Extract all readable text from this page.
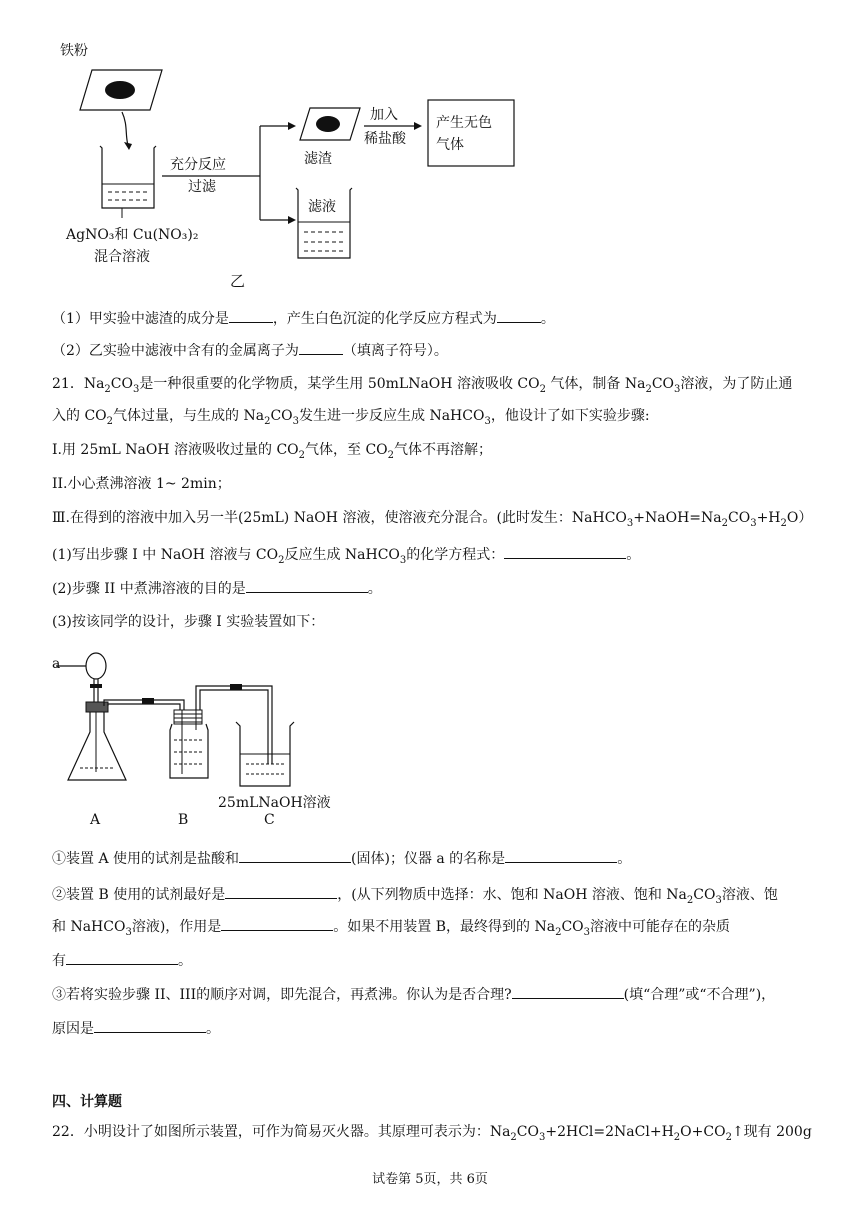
铁粉
充分反应
过滤
滤渣
滤液
加入
稀盐酸
产生无色
气体
AgNO₃和 Cu(NO₃)₂
混合溶液
乙
（1）甲实验中滤渣的成分是	，产生白色沉淀的化学反应方程式为	。
（2）乙实验中滤液中含有的金属离子为	（填离子符号）。
21．$Na_2CO_3$是一种很重要的化学物质，某学生用 50mLNaOH 溶液吸收 $CO_2$ 气体，制备 $Na_2CO_3$溶液，为了防止通
入的 $CO_2$气体过量，与生成的 $Na_2CO_3$发生进一步反应生成 NaHCO$_3$，他设计了如下实验步骤:
I.用 25mL NaOH 溶液吸收过量的 $CO_2$气体，至 $CO_2$气体不再溶解；
II.小心煮沸溶液 1~ 2min；
Ⅲ.在得到的溶液中加入另一半(25mL) NaOH 溶液，使溶液充分混合。(此时发生：$NaHCO_3+NaOH=Na_2CO_3+H_2O$）
(1)写出步骤 I 中 NaOH 溶液与 $CO_2$反应生成 NaHCO$_3$的化学方程式：	。
(2)步骤 II 中煮沸溶液的目的是	。
(3)按该同学的设计，步骤 I 实验装置如下：
a
25mLNaOH溶液
A	B	C
①装置 A 使用的试剂是盐酸和	(固体)；仪器 a 的名称是	。
②装置 B 使用的试剂最好是	，(从下列物质中选择：水、饱和 NaOH 溶液、饱和 $Na_2CO_3$溶液、饱
和 NaHCO$_3$溶液)，作用是	。如果不用装置 B，最终得到的 $Na_2CO_3$溶液中可能存在的杂质
有	。
③若将实验步骤 II、III的顺序对调，即先混合，再煮沸。你认为是否合理?	(填“合理”或“不合理”)，
原因是	。
四、计算题
22．小明设计了如图所示装置，可作为简易灭火器。其原理可表示为：$Na_2CO_3+2HCl=2NaCl+H_2O+CO_2↑$现有 200g
试卷第 5页，共 6页
